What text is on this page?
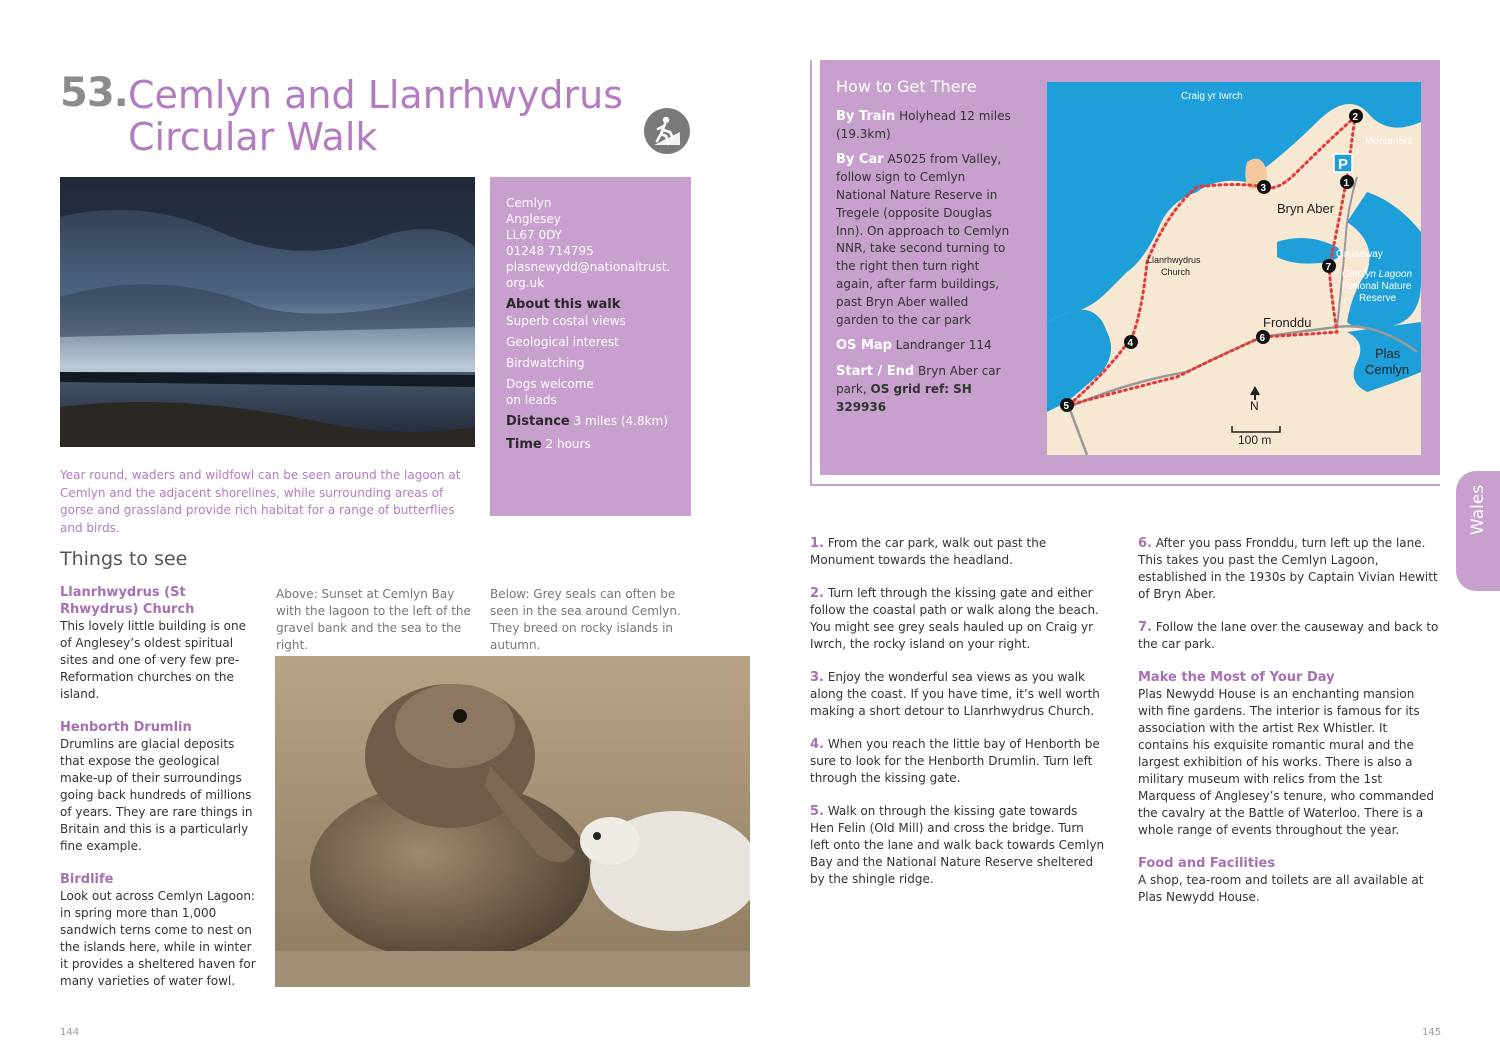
53. Cemlyn and Llanrhwydrus Circular Walk
Cemlyn
Anglesey
LL67 0DY
01248 714795
plasnewydd@nationaltrust.
org.uk
About this walk
Superb costal views
Geological interest
Birdwatching
Dogs welcome
on leads
Distance 3 miles (4.8km)
Time 2 hours
Year round, waders and wildfowl can be seen around the lagoon at Cemlyn and the adjacent shorelines, while surrounding areas of gorse and grassland provide rich habitat for a range of butterflies and birds.
Things to see
Llanrhwydrus (St Rhwydrus) Church

This lovely little building is one of Anglesey’s oldest spiritual sites and one of very few pre-Reformation churches on the island.

Henborth Drumlin

Drumlins are glacial deposits that expose the geological make-up of their surroundings going back hundreds of millions of years. They are rare things in Britain and this is a particularly fine example.

Birdlife

Look out across Cemlyn Lagoon: in spring more than 1,000 sandwich terns come to nest on the islands here, while in winter it provides a sheltered haven for many varieties of water fowl.

Above: Sunset at Cemlyn Bay with the lagoon to the left of the gravel bank and the sea to the right.

Below: Grey seals can often be seen in the sea around Cemlyn. They breed on rocky islands in autumn.

How to Get There
By Train Holyhead 12 miles (19.3km)
By Car A5025 from Valley, follow sign to Cemlyn National Nature Reserve in Tregele (opposite Douglas Inn). On approach to Cemlyn NNR, take second turning to the right then turn right again, after farm buildings, past Bryn Aber walled garden to the car park
OS Map Landranger 114
Start / End Bryn Aber car park, OS grid ref: SH 329936
Craig yr Iwrch
Monument
P
Bryn Aber
Llanrhwydrus
Church
Causeway
Cemlyn Lagoon
National Nature
Reserve
Fronddu
Plas
Cemlyn
N
100 m
1
2
3
4
5
6
7

1. From the car park, walk out past the Monument towards the headland.

2. Turn left through the kissing gate and either follow the coastal path or walk along the beach. You might see grey seals hauled up on Craig yr Iwrch, the rocky island on your right.

3. Enjoy the wonderful sea views as you walk along the coast. If you have time, it’s well worth making a short detour to Llanrhwydrus Church.

4. When you reach the little bay of Henborth be sure to look for the Henborth Drumlin. Turn left through the kissing gate.

5. Walk on through the kissing gate towards Hen Felin (Old Mill) and cross the bridge. Turn left onto the lane and walk back towards Cemlyn Bay and the National Nature Reserve sheltered by the shingle ridge.

6. After you pass Fronddu, turn left up the lane. This takes you past the Cemlyn Lagoon, established in the 1930s by Captain Vivian Hewitt of Bryn Aber.

7. Follow the lane over the causeway and back to the car park.

Make the Most of Your Day

Plas Newydd House is an enchanting mansion with fine gardens. The interior is famous for its association with the artist Rex Whistler. It contains his exquisite romantic mural and the largest exhibition of his works. There is also a military museum with relics from the 1st Marquess of Anglesey’s tenure, who commanded the cavalry at the Battle of Waterloo. There is a whole range of events throughout the year.

Food and Facilities

A shop, tea-room and toilets are all available at Plas Newydd House.

Wales
144	145
